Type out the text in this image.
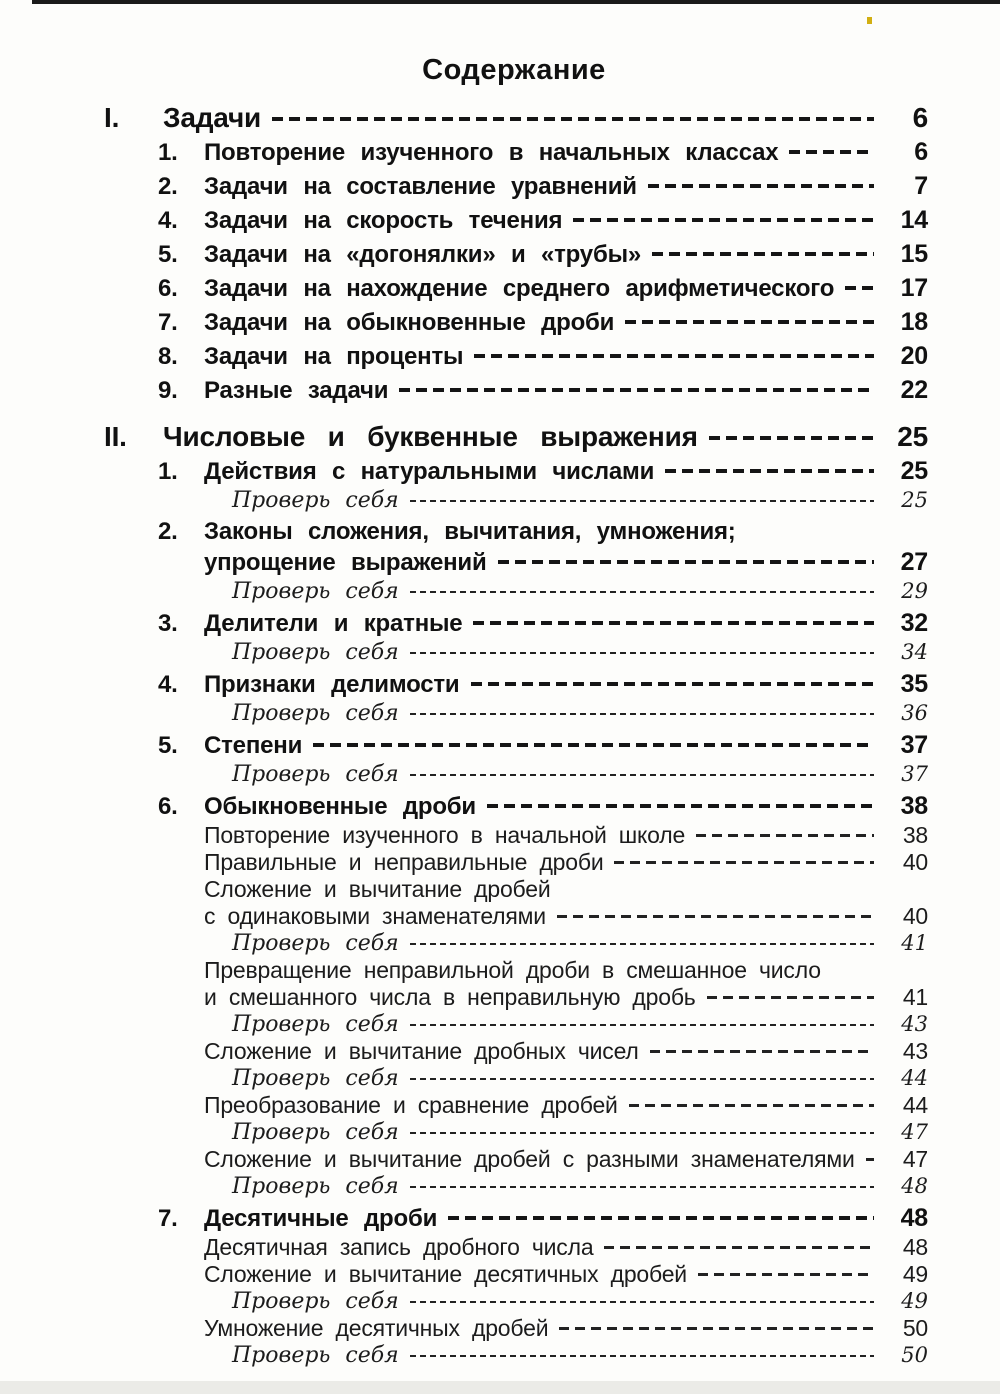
Содержание
I.	Задачи	6
1.	Повторение изученного в начальных классах	6
2.	Задачи на составление уравнений	7
4.	Задачи на скорость течения	14
5.	Задачи на «догонялки» и «трубы»	15
6.	Задачи на нахождение среднего арифметического	17
7.	Задачи на обыкновенные дроби	18
8.	Задачи на проценты	20
9.	Разные задачи	22
II.	Числовые и буквенные выражения	25
1.	Действия с натуральными числами	25
Проверь себя	25
2.	Законы сложения, вычитания, умножения;
упрощение выражений	27
Проверь себя	29
3.	Делители и кратные	32
Проверь себя	34
4.	Признаки делимости	35
Проверь себя	36
5.	Степени	37
Проверь себя	37
6.	Обыкновенные дроби	38
Повторение изученного в начальной школе	38
Правильные и неправильные дроби	40
Сложение и вычитание дробей
с одинаковыми знаменателями	40
Проверь себя	41
Превращение неправильной дроби в смешанное число
и смешанного числа в неправильную дробь	41
Проверь себя	43
Сложение и вычитание дробных чисел	43
Проверь себя	44
Преобразование и сравнение дробей	44
Проверь себя	47
Сложение и вычитание дробей с разными знаменателями	47
Проверь себя	48
7.	Десятичные дроби	48
Десятичная запись дробного числа	48
Сложение и вычитание десятичных дробей	49
Проверь себя	49
Умножение десятичных дробей	50
Проверь себя	50
